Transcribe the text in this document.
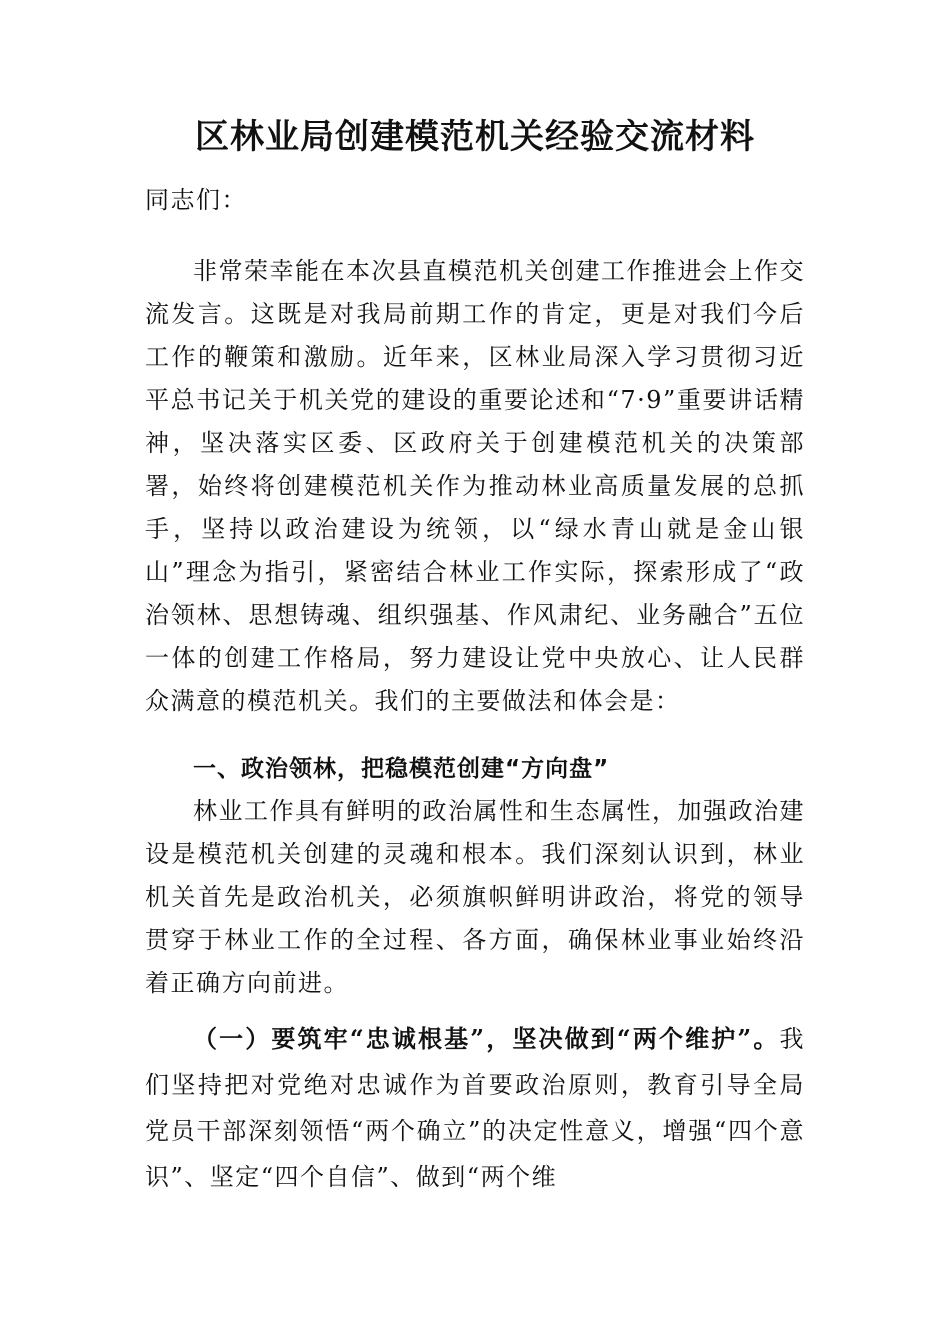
区林业局创建模范机关经验交流材料

同志们：

非常荣幸能在本次县直模范机关创建工作推进会上作交流发言。这既是对我局前期工作的肯定，更是对我们今后工作的鞭策和激励。近年来，区林业局深入学习贯彻习近平总书记关于机关党的建设的重要论述和“7·9”重要讲话精神，坚决落实区委、区政府关于创建模范机关的决策部署，始终将创建模范机关作为推动林业高质量发展的总抓手，坚持以政治建设为统领，以“绿水青山就是金山银山”理念为指引，紧密结合林业工作实际，探索形成了“政治领林、思想铸魂、组织强基、作风肃纪、业务融合”五位一体的创建工作格局，努力建设让党中央放心、让人民群众满意的模范机关。我们的主要做法和体会是：

一、政治领林，把稳模范创建“方向盘”

林业工作具有鲜明的政治属性和生态属性，加强政治建设是模范机关创建的灵魂和根本。我们深刻认识到，林业机关首先是政治机关，必须旗帜鲜明讲政治，将党的领导贯穿于林业工作的全过程、各方面，确保林业事业始终沿着正确方向前进。

（一）要筑牢“忠诚根基”，坚决做到“两个维护”。我们坚持把对党绝对忠诚作为首要政治原则，教育引导全局党员干部深刻领悟“两个确立”的决定性意义，增强“四个意识”、坚定“四个自信”、做到“两个维
